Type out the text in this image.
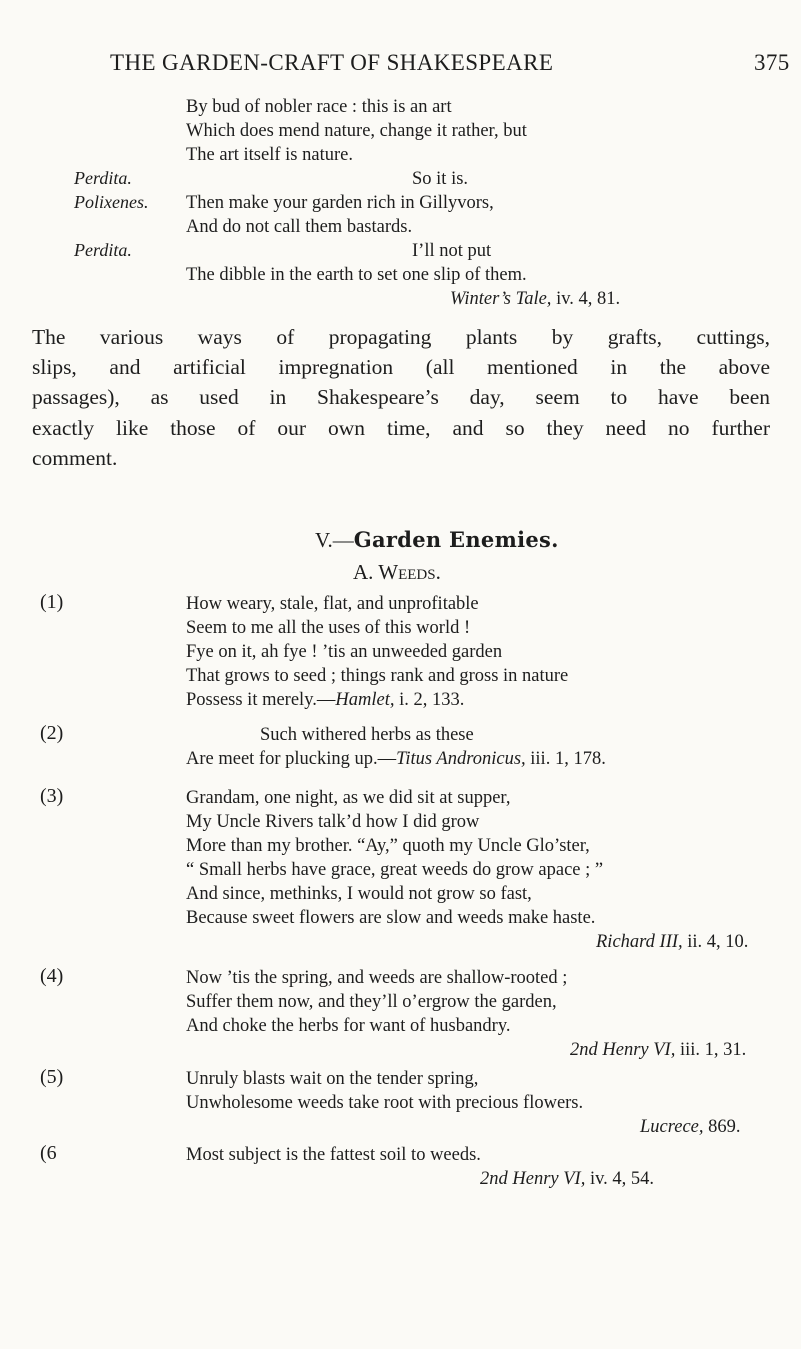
THE GARDEN-CRAFT OF SHAKESPEARE	375
By bud of nobler race : this is an art
Which does mend nature, change it rather, but
The art itself is nature.
Perdita.	So it is.
Polixenes. Then make your garden rich in Gillyvors,
And do not call them bastards.
Perdita.	I’ll not put
The dibble in the earth to set one slip of them.
Winter’s Tale, iv. 4, 81.
The various ways of propagating plants by grafts, cuttings,
slips, and artificial impregnation (all mentioned in the above
passages), as used in Shakespeare’s day, seem to have been
exactly like those of our own time, and so they need no further
comment.
V.—Garden Enemies.
A. Weeds.
(1)	How weary, stale, flat, and unprofitable
Seem to me all the uses of this world !
Fye on it, ah fye ! ’tis an unweeded garden
That grows to seed ; things rank and gross in nature
Possess it merely.—Hamlet, i. 2, 133.
(2)	Such withered herbs as these
Are meet for plucking up.—Titus Andronicus, iii. 1, 178.
(3)	Grandam, one night, as we did sit at supper,
My Uncle Rivers talk’d how I did grow
More than my brother. “Ay,” quoth my Uncle Glo’ster,
“ Small herbs have grace, great weeds do grow apace ; ”
And since, methinks, I would not grow so fast,
Because sweet flowers are slow and weeds make haste.
Richard III, ii. 4, 10.
(4)	Now ’tis the spring, and weeds are shallow-rooted ;
Suffer them now, and they’ll o’ergrow the garden,
And choke the herbs for want of husbandry.
2nd Henry VI, iii. 1, 31.
(5)	Unruly blasts wait on the tender spring,
Unwholesome weeds take root with precious flowers.
Lucrece, 869.
(6	Most subject is the fattest soil to weeds.
2nd Henry VI, iv. 4, 54.
